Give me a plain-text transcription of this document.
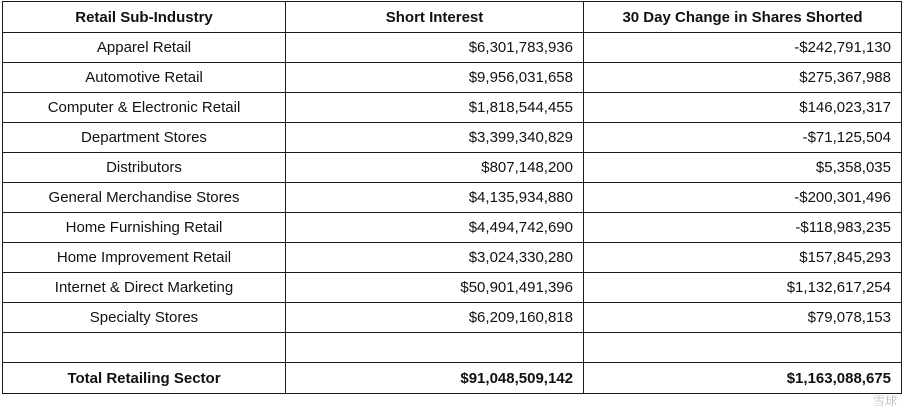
Retail Sub-Industry	Short Interest	30 Day Change in Shares Shorted
Apparel Retail	$6,301,783,936	-$242,791,130
Automotive Retail	$9,956,031,658	$275,367,988
Computer & Electronic Retail	$1,818,544,455	$146,023,317
Department Stores	$3,399,340,829	-$71,125,504
Distributors	$807,148,200	$5,358,035
General Merchandise Stores	$4,135,934,880	-$200,301,496
Home Furnishing Retail	$4,494,742,690	-$118,983,235
Home Improvement Retail	$3,024,330,280	$157,845,293
Internet & Direct Marketing	$50,901,491,396	$1,132,617,254
Specialty Stores	$6,209,160,818	$79,078,153

Total Retailing Sector	$91,048,509,142	$1,163,088,675
雪球
